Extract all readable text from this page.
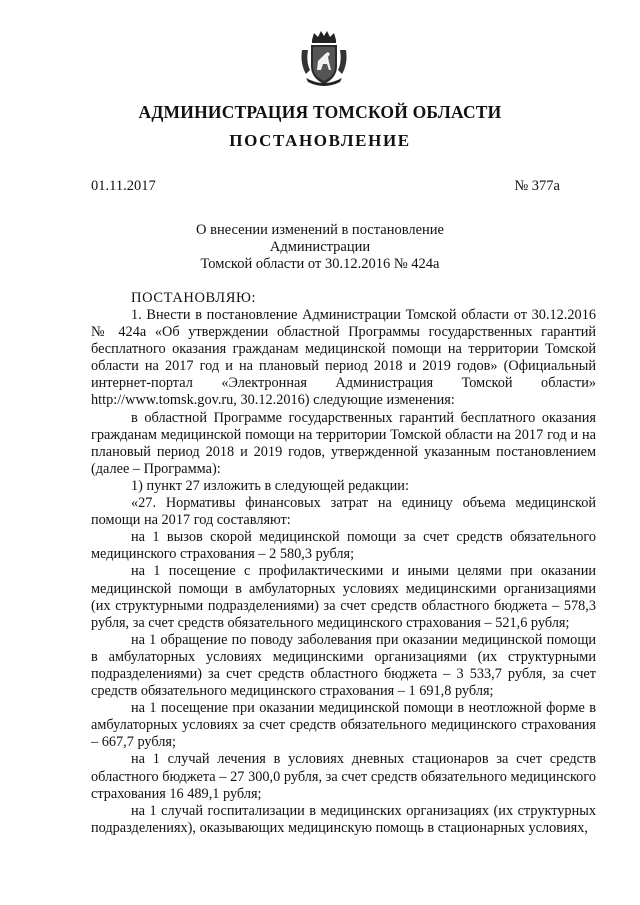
АДМИНИСТРАЦИЯ ТОМСКОЙ ОБЛАСТИ
ПОСТАНОВЛЕНИЕ
01.11.2017	№ 377а
О внесении изменений в постановление Администрации
Томской области от 30.12.2016 № 424а
ПОСТАНОВЛЯЮ:

1. Внести в постановление Администрации Томской области от 30.12.2016 № 424а «Об утверждении областной Программы государственных гарантий бесплатного оказания гражданам медицинской помощи на территории Томской области на 2017 год и на плановый период 2018 и 2019 годов» (Официальный интернет-портал «Электронная Администрация Томской области» http://www.tomsk.gov.ru, 30.12.2016) следующие изменения:

в областной Программе государственных гарантий бесплатного оказания гражданам медицинской помощи на территории Томской области на 2017 год и на плановый период 2018 и 2019 годов, утвержденной указанным постановлением (далее – Программа):

1) пункт 27 изложить в следующей редакции:

«27. Нормативы финансовых затрат на единицу объема медицинской помощи на 2017 год составляют:

на 1 вызов скорой медицинской помощи за счет средств обязательного медицинского страхования – 2 580,3 рубля;

на 1 посещение с профилактическими и иными целями при оказании медицинской помощи в амбулаторных условиях медицинскими организациями (их структурными подразделениями) за счет средств областного бюджета – 578,3 рубля, за счет средств обязательного медицинского страхования – 521,6 рубля;

на 1 обращение по поводу заболевания при оказании медицинской помощи в амбулаторных условиях медицинскими организациями (их структурными подразделениями) за счет средств областного бюджета – 3 533,7 рубля, за счет средств обязательного медицинского страхования – 1 691,8 рубля;

на 1 посещение при оказании медицинской помощи в неотложной форме в амбулаторных условиях за счет средств обязательного медицинского страхования – 667,7 рубля;

на 1 случай лечения в условиях дневных стационаров за счет средств областного бюджета – 27 300,0 рубля, за счет средств обязательного медицинского страхования 16 489,1 рубля;

на 1 случай госпитализации в медицинских организациях (их структурных подразделениях), оказывающих медицинскую помощь в стационарных условиях,
